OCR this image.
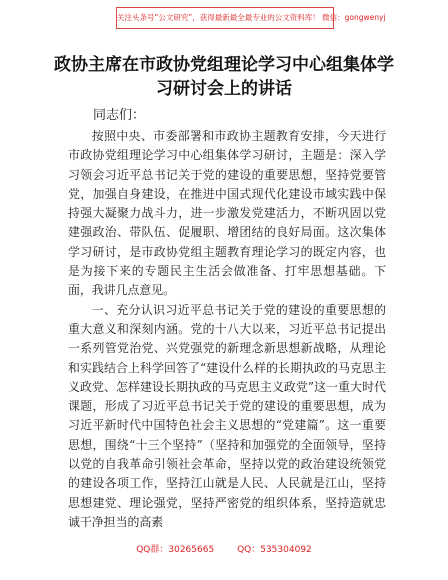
关注头条号“公文研究”，获得最新最全最专业的公文资料库！ 微信：gongwenyj
政协主席在市政协党组理论学习中心组集体学习研讨会上的讲话
同志们：

按照中央、市委部署和市政协主题教育安排，今天进行市政协党组理论学习中心组集体学习研讨，主题是：深入学习领会习近平总书记关于党的建设的重要思想，坚持党要管党，加强自身建设，在推进中国式现代化建设市域实践中保持强大凝聚力战斗力，进一步激发党建活力，不断巩固以党建强政治、带队伍、促履职、增团结的良好局面。这次集体学习研讨，是市政协党组主题教育理论学习的既定内容，也是为接下来的专题民主生活会做准备、打牢思想基础。下面，我讲几点意见。

一、充分认识习近平总书记关于党的建设的重要思想的重大意义和深刻内涵。党的十八大以来，习近平总书记提出一系列管党治党、兴党强党的新理念新思想新战略，从理论和实践结合上科学回答了“建设什么样的长期执政的马克思主义政党、怎样建设长期执政的马克思主义政党”这一重大时代课题，形成了习近平总书记关于党的建设的重要思想，成为习近平新时代中国特色社会主义思想的“党建篇”。这一重要思想，围绕“十三个坚持”（坚持和加强党的全面领导，坚持以党的自我革命引领社会革命，坚持以党的政治建设统领党的建设各项工作，坚持江山就是人民、人民就是江山，坚持思想建党、理论强党，坚持严密党的组织体系，坚持造就忠诚干净担当的高素

QQ群：30265665        QQ：535304092
